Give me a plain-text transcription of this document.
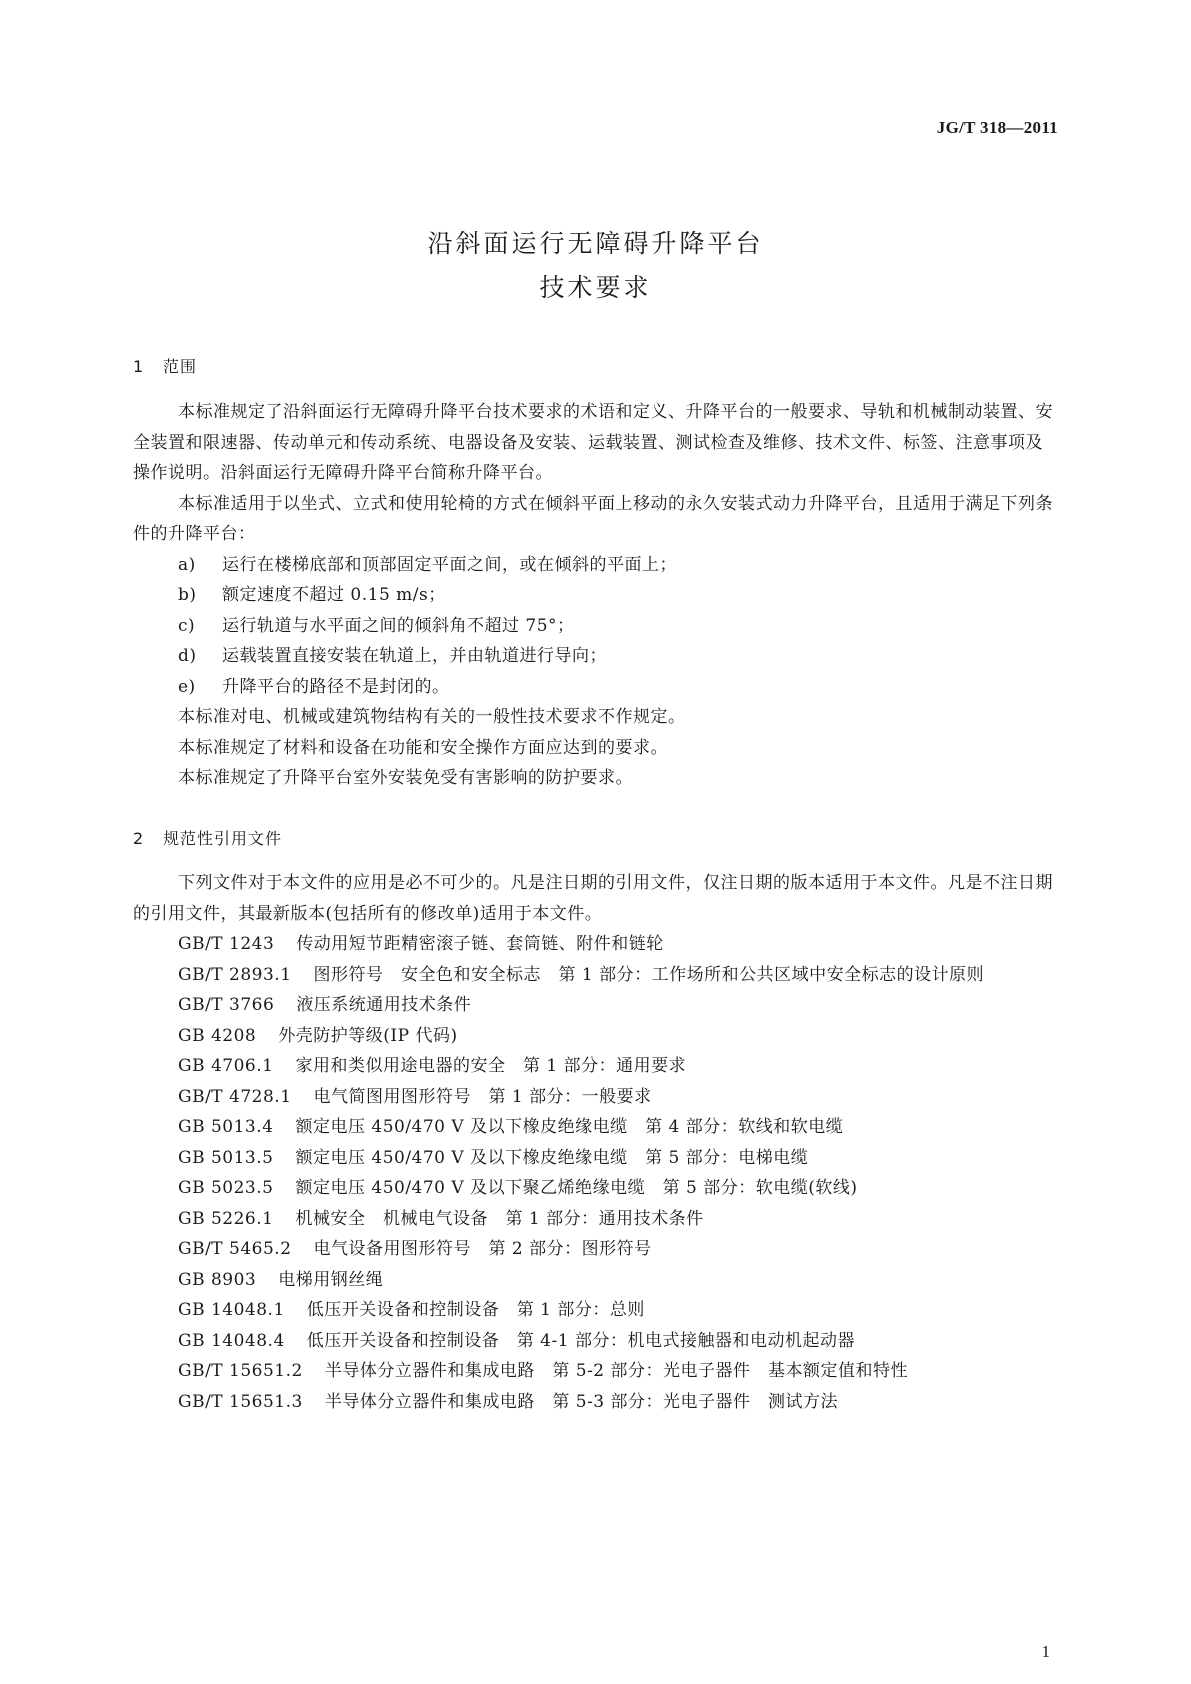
JG/T 318—2011
沿斜面运行无障碍升降平台
技术要求
1 范围

本标准规定了沿斜面运行无障碍升降平台技术要求的术语和定义、升降平台的一般要求、导轨和机械制动装置、安全装置和限速器、传动单元和传动系统、电器设备及安装、运载装置、测试检查及维修、技术文件、标签、注意事项及操作说明。沿斜面运行无障碍升降平台简称升降平台。

本标准适用于以坐式、立式和使用轮椅的方式在倾斜平面上移动的永久安装式动力升降平台，且适用于满足下列条件的升降平台：

a) 运行在楼梯底部和顶部固定平面之间，或在倾斜的平面上；

b) 额定速度不超过 0.15 m/s；

c) 运行轨道与水平面之间的倾斜角不超过 75°；

d) 运载装置直接安装在轨道上，并由轨道进行导向；

e) 升降平台的路径不是封闭的。

本标准对电、机械或建筑物结构有关的一般性技术要求不作规定。

本标准规定了材料和设备在功能和安全操作方面应达到的要求。

本标准规定了升降平台室外安装免受有害影响的防护要求。

2 规范性引用文件

下列文件对于本文件的应用是必不可少的。凡是注日期的引用文件，仅注日期的版本适用于本文件。凡是不注日期的引用文件，其最新版本(包括所有的修改单)适用于本文件。

GB/T 1243 传动用短节距精密滚子链、套筒链、附件和链轮

GB/T 2893.1 图形符号　安全色和安全标志　第 1 部分：工作场所和公共区域中安全标志的设计原则

GB/T 3766 液压系统通用技术条件

GB 4208 外壳防护等级(IP 代码)

GB 4706.1 家用和类似用途电器的安全　第 1 部分：通用要求

GB/T 4728.1 电气简图用图形符号　第 1 部分：一般要求

GB 5013.4 额定电压 450/470 V 及以下橡皮绝缘电缆　第 4 部分：软线和软电缆

GB 5013.5 额定电压 450/470 V 及以下橡皮绝缘电缆　第 5 部分：电梯电缆

GB 5023.5 额定电压 450/470 V 及以下聚乙烯绝缘电缆　第 5 部分：软电缆(软线)

GB 5226.1 机械安全　机械电气设备　第 1 部分：通用技术条件

GB/T 5465.2 电气设备用图形符号　第 2 部分：图形符号

GB 8903 电梯用钢丝绳

GB 14048.1 低压开关设备和控制设备　第 1 部分：总则

GB 14048.4 低压开关设备和控制设备　第 4-1 部分：机电式接触器和电动机起动器

GB/T 15651.2 半导体分立器件和集成电路　第 5-2 部分：光电子器件　基本额定值和特性

GB/T 15651.3 半导体分立器件和集成电路　第 5-3 部分：光电子器件　测试方法

1
